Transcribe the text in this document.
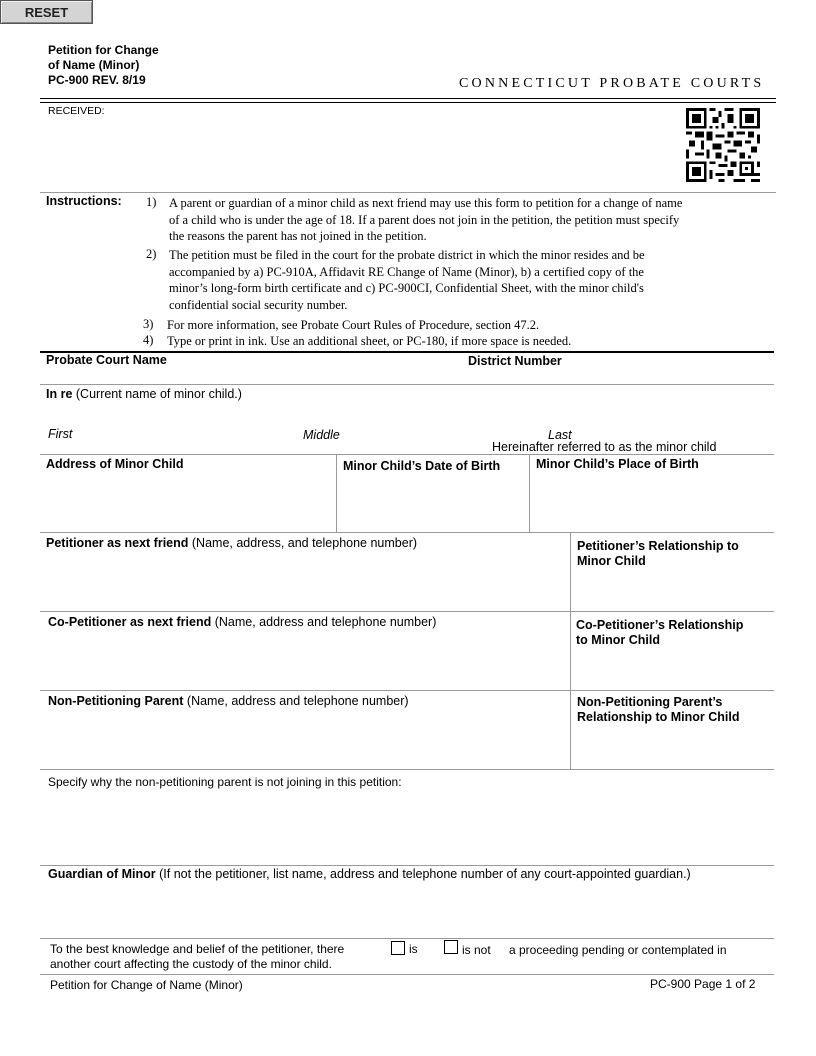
RESET
Petition for Change
of Name (Minor)
PC-900 REV. 8/19	CONNECTICUT PROBATE COURTS
RECEIVED:
Instructions: 1) A parent or guardian of a minor child as next friend may use this form to petition for a change of name
of a child who is under the age of 18. If a parent does not join in the petition, the petition must specify
the reasons the parent has not joined in the petition.
2) The petition must be filed in the court for the probate district in which the minor resides and be
accompanied by a) PC-910A, Affidavit RE Change of Name (Minor), b) a certified copy of the
minor’s long-form birth certificate and c) PC-900CI, Confidential Sheet, with the minor child's
confidential social security number.
3) For more information, see Probate Court Rules of Procedure, section 47.2.
4) Type or print in ink. Use an additional sheet, or PC-180, if more space is needed.
Probate Court Name	District Number
In re (Current name of minor child.)
First	Middle	Last
Hereinafter referred to as the minor child
Address of Minor Child	Minor Child’s Date of Birth	Minor Child’s Place of Birth
Petitioner as next friend (Name, address, and telephone number)	Petitioner’s Relationship to
Minor Child
Co-Petitioner as next friend (Name, address and telephone number)	Co-Petitioner’s Relationship
to Minor Child
Non-Petitioning Parent (Name, address and telephone number)	Non-Petitioning Parent’s
Relationship to Minor Child
Specify why the non-petitioning parent is not joining in this petition:
Guardian of Minor (If not the petitioner, list name, address and telephone number of any court-appointed guardian.)
To the best knowledge and belief of the petitioner, there	is	is not a proceeding pending or contemplated in
another court affecting the custody of the minor child.
Petition for Change of Name (Minor)	PC-900 Page 1 of 2
